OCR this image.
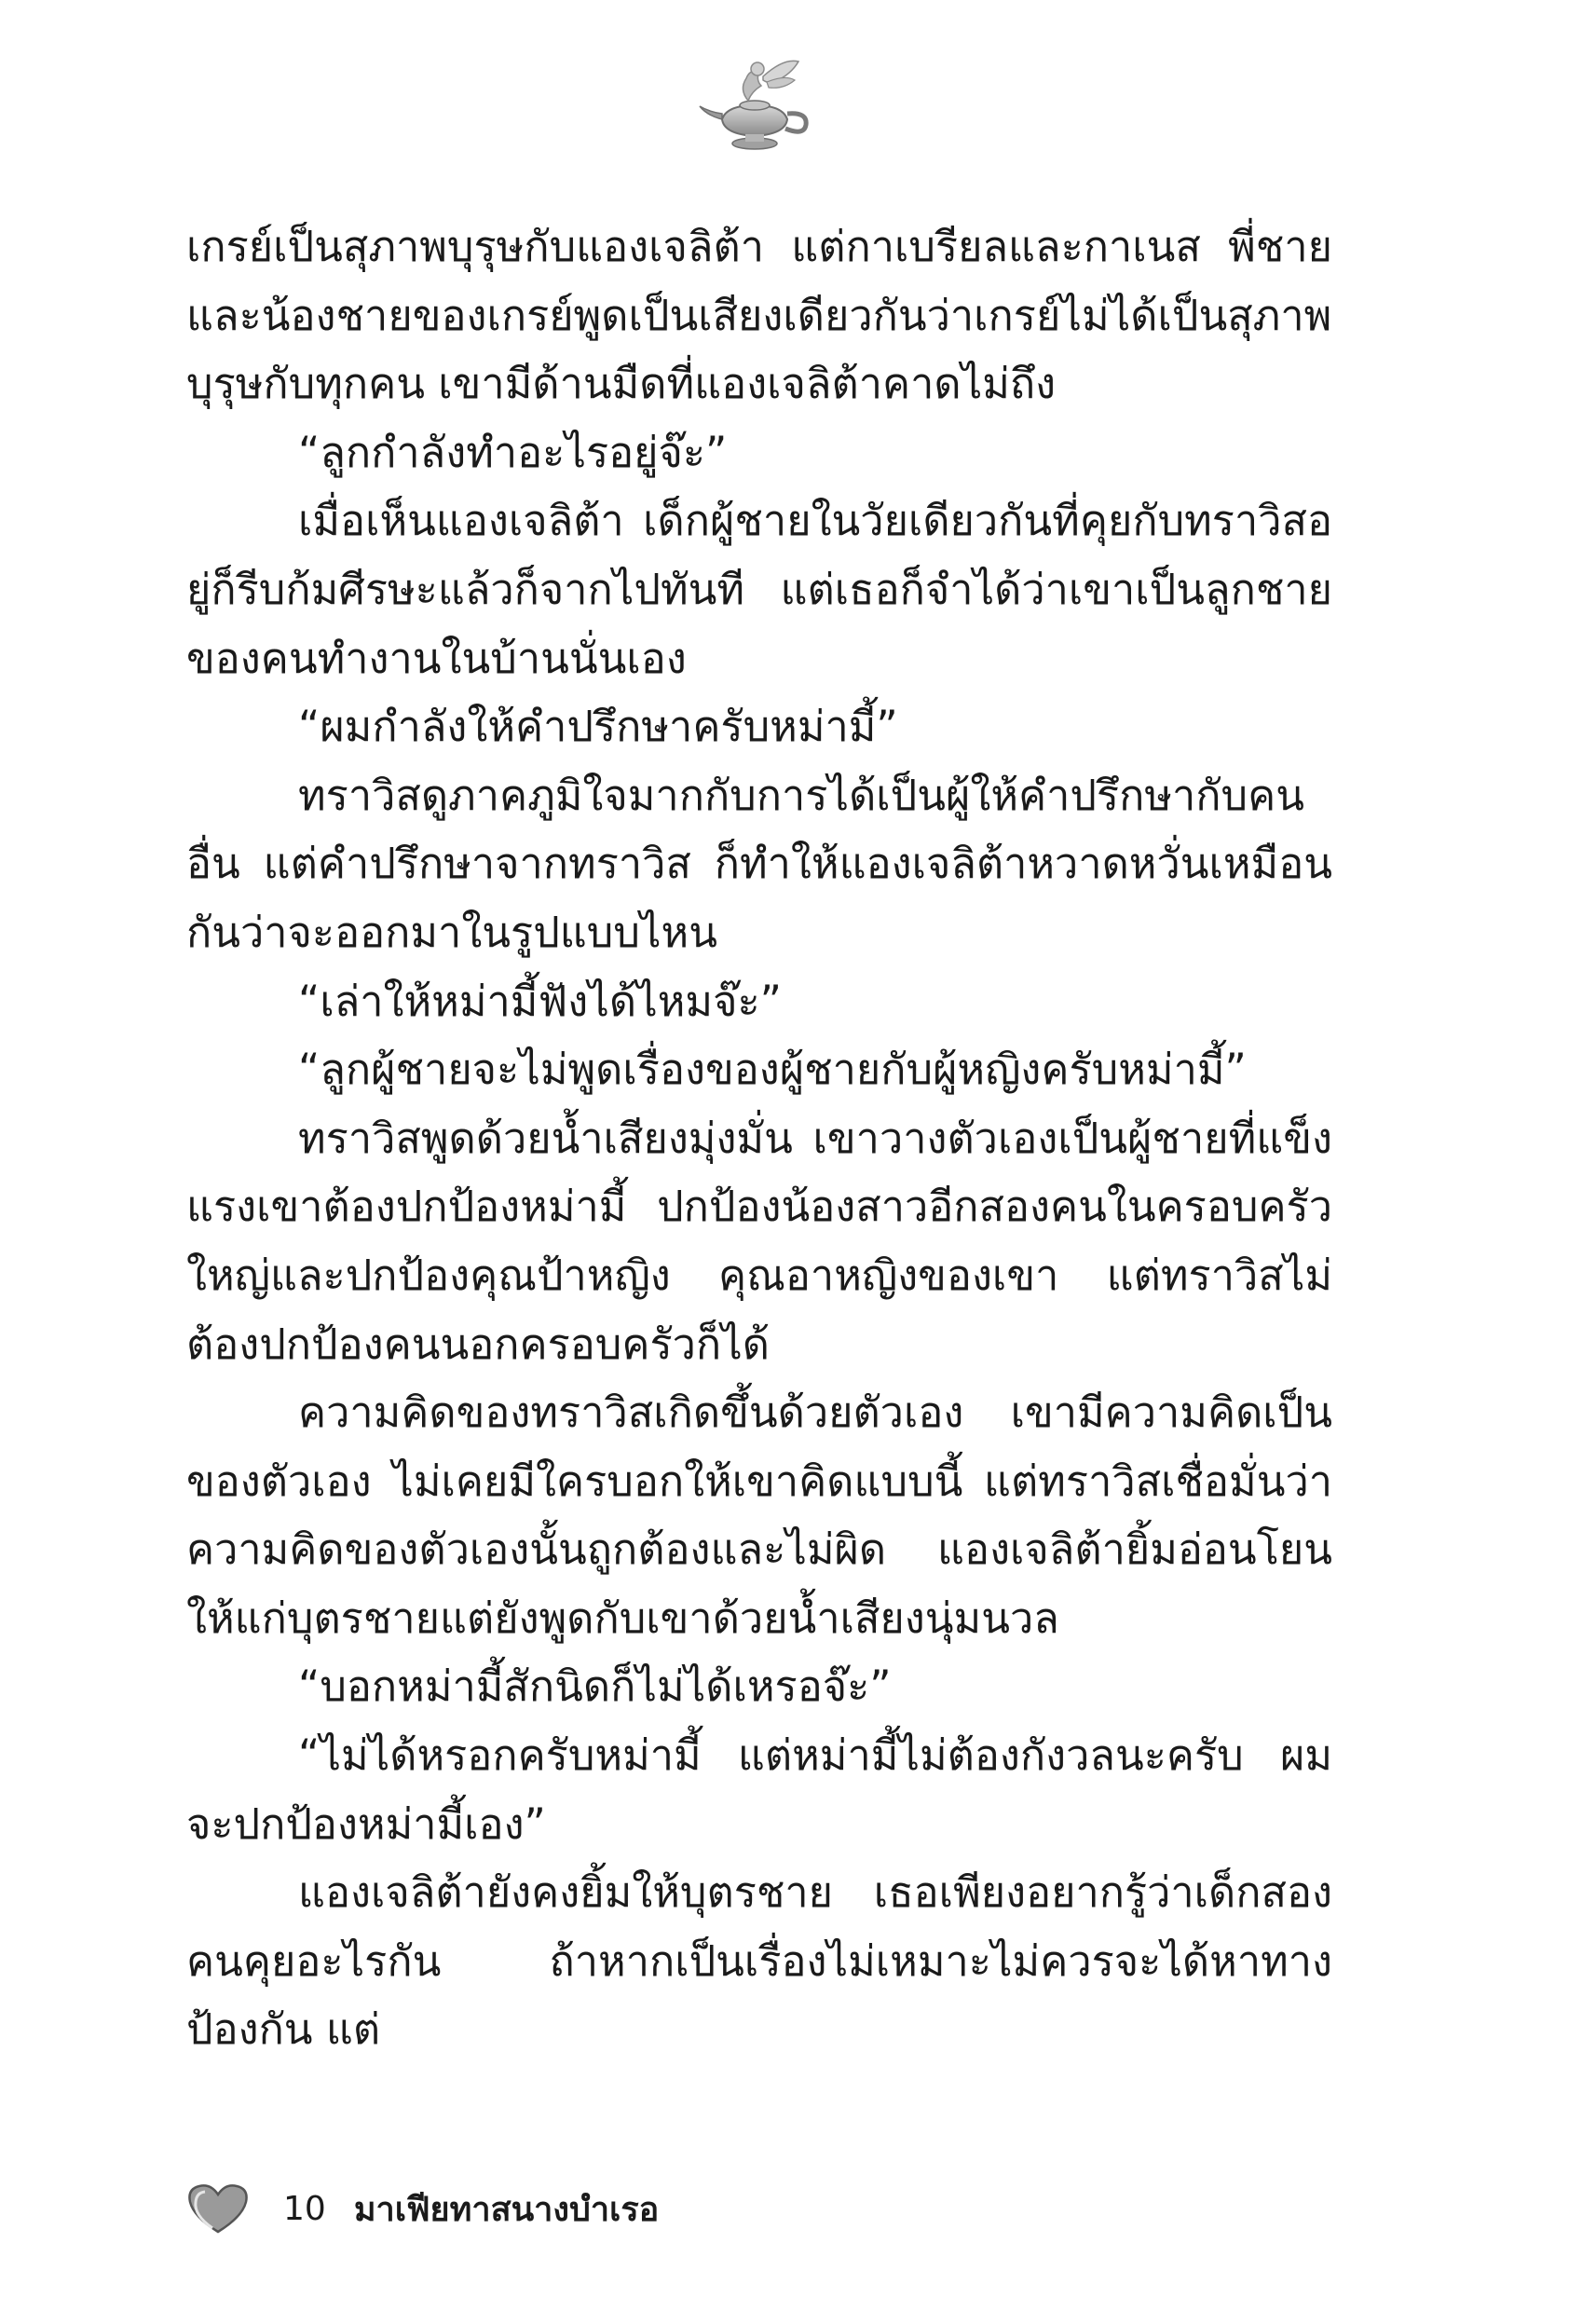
เกรย์เป็นสุภาพบุรุษกับแองเจลิต้า แต่กาเบรียลและกาเนส พี่ชายและน้องชายของเกรย์พูดเป็นเสียงเดียวกันว่าเกรย์ไม่ได้เป็นสุภาพบุรุษกับทุกคน เขามีด้านมืดที่แองเจลิต้าคาดไม่ถึง

“ลูกกำลังทำอะไรอยู่จ๊ะ”

เมื่อเห็นแองเจลิต้า เด็กผู้ชายในวัยเดียวกันที่คุยกับทราวิสอยู่ก็รีบก้มศีรษะแล้วก็จากไปทันที แต่เธอก็จำได้ว่าเขาเป็นลูกชายของคนทำงานในบ้านนั่นเอง

“ผมกำลังให้คำปรึกษาครับหม่ามี้”

ทราวิสดูภาคภูมิใจมากกับการได้เป็นผู้ให้คำปรึกษากับคนอื่น แต่คำปรึกษาจากทราวิส ก็ทำให้แองเจลิต้าหวาดหวั่นเหมือนกันว่าจะออกมาในรูปแบบไหน

“เล่าให้หม่ามี้ฟังได้ไหมจ๊ะ”

“ลูกผู้ชายจะไม่พูดเรื่องของผู้ชายกับผู้หญิงครับหม่ามี้”

ทราวิสพูดด้วยน้ำเสียงมุ่งมั่น เขาวางตัวเองเป็นผู้ชายที่แข็งแรงเขาต้องปกป้องหม่ามี้ ปกป้องน้องสาวอีกสองคนในครอบครัวใหญ่และปกป้องคุณป้าหญิง คุณอาหญิงของเขา แต่ทราวิสไม่ต้องปกป้องคนนอกครอบครัวก็ได้

ความคิดของทราวิสเกิดขึ้นด้วยตัวเอง เขามีความคิดเป็นของตัวเอง ไม่เคยมีใครบอกให้เขาคิดแบบนี้ แต่ทราวิสเชื่อมั่นว่าความคิดของตัวเองนั้นถูกต้องและไม่ผิด แองเจลิต้ายิ้มอ่อนโยนให้แก่บุตรชายแต่ยังพูดกับเขาด้วยน้ำเสียงนุ่มนวล

“บอกหม่ามี้สักนิดก็ไม่ได้เหรอจ๊ะ”

“ไม่ได้หรอกครับหม่ามี้ แต่หม่ามี้ไม่ต้องกังวลนะครับ ผมจะปกป้องหม่ามี้เอง”

แองเจลิต้ายังคงยิ้มให้บุตรชาย เธอเพียงอยากรู้ว่าเด็กสองคนคุยอะไรกัน ถ้าหากเป็นเรื่องไม่เหมาะไม่ควรจะได้หาทางป้องกัน แต่

10 มาเฟียทาสนางบำเรอ
